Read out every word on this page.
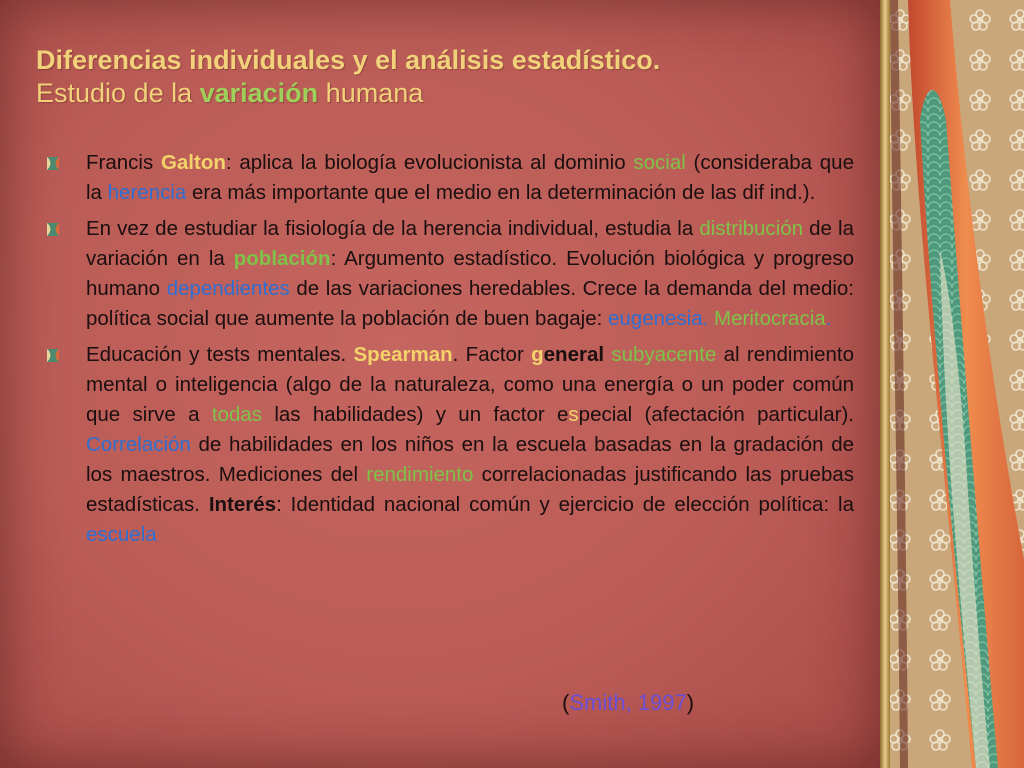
Diferencias individuales y el análisis estadístico.
Estudio de la variación humana
Francis Galton: aplica la biología evolucionista al dominio social (consideraba que la herencia era más importante que el medio en la determinación de las dif ind.).
En vez de estudiar la fisiología de la herencia individual, estudia la distribución de la variación en la población: Argumento estadístico. Evolución biológica y progreso humano dependientes de las variaciones heredables. Crece la demanda del medio: política social que aumente la población de buen bagaje: eugenesia. Meritocracia.
Educación y tests mentales. Spearman. Factor general subyacente al rendimiento mental o inteligencia (algo de la naturaleza, como una energía o un poder común que sirve a todas las habilidades) y un factor especial (afectación particular). Correlación de habilidades en los niños en la escuela basadas en la gradación de los maestros. Mediciones del rendimiento correlacionadas justificando las pruebas estadísticas. Interés: Identidad nacional común y ejercicio de elección política: la escuela
(Smith, 1997)
